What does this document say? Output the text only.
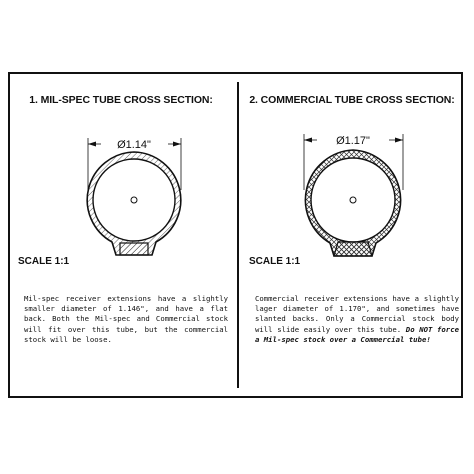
1. MIL-SPEC TUBE CROSS SECTION:
Ø1.14"
SCALE 1:1
Mil-spec receiver extensions have a slightly smaller diameter of 1.146", and have a flat back. Both the Mil-spec and Commercial stock will fit over this tube, but the commercial stock will be loose.
2. COMMERCIAL TUBE CROSS SECTION:
Ø1.17"
SCALE 1:1
Commercial receiver extensions have a slightly lager diameter of 1.170", and sometimes have slanted backs. Only a Commercial stock body will slide easily over this tube. Do NOT force a Mil-spec stock over a Commercial tube!
